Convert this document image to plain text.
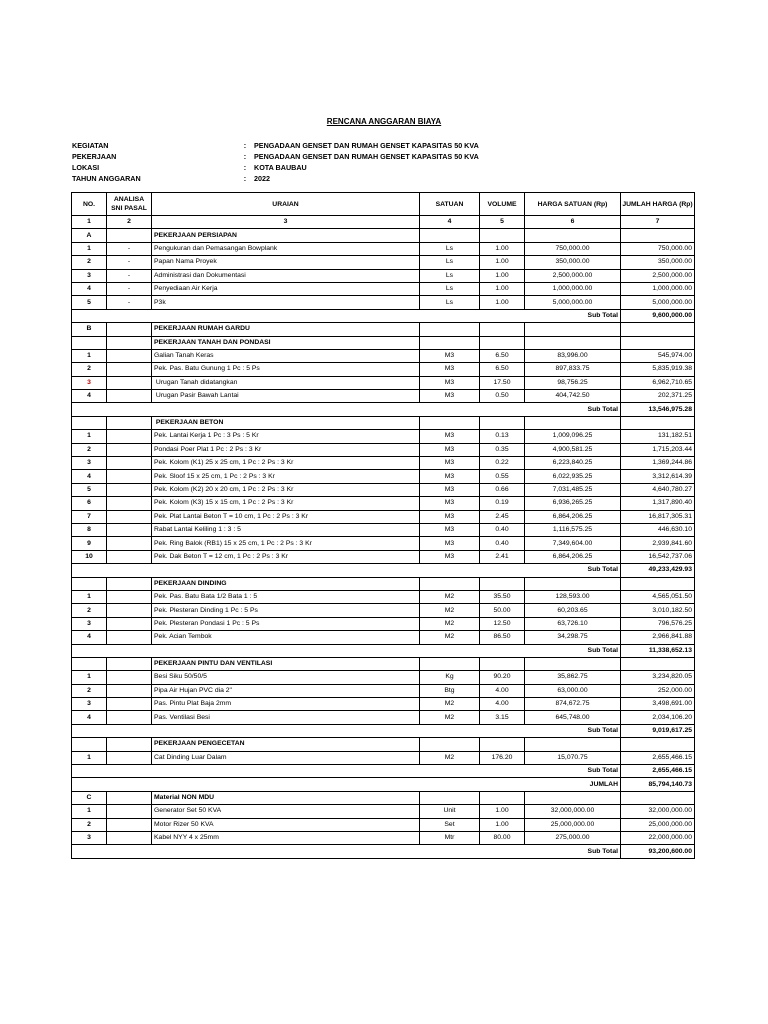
RENCANA ANGGARAN BIAYA
KEGIATAN	:	PENGADAAN GENSET DAN RUMAH GENSET KAPASITAS 50 KVA
PEKERJAAN	:	PENGADAAN GENSET DAN RUMAH GENSET KAPASITAS 50 KVA
LOKASI	:	KOTA BAUBAU
TAHUN ANGGARAN	:	2022
NO.	ANALISA SNI PASAL	URAIAN	SATUAN	VOLUME	HARGA SATUAN (Rp)	JUMLAH HARGA (Rp)
1	2	3	4	5	6	7
A		PEKERJAAN PERSIAPAN				
1	-	Pengukuran dan Pemasangan Bowplank	Ls	1.00	750,000.00	750,000.00
2	-	Papan Nama Proyek	Ls	1.00	350,000.00	350,000.00
3	-	Administrasi dan Dokumentasi	Ls	1.00	2,500,000.00	2,500,000.00
4	-	Penyediaan Air Kerja	Ls	1.00	1,000,000.00	1,000,000.00
5	-	P3k	Ls	1.00	5,000,000.00	5,000,000.00
					Sub Total	9,600,000.00
B		PEKERJAAN RUMAH GARDU				
		PEKERJAAN TANAH DAN PONDASI				
1		Galian Tanah Keras	M3	6.50	83,996.00	545,974.00
2		Pek. Pas. Batu Gunung 1 Pc : 5 Ps	M3	6.50	897,833.75	5,835,919.38
3		Urugan Tanah didatangkan	M3	17.50	98,756.25	6,962,710.65
4		Urugan Pasir Bawah Lantai	M3	0.50	404,742.50	202,371.25
					Sub Total	13,546,975.28
		PEKERJAAN BETON				
1		Pek. Lantai Kerja 1 Pc : 3 Ps : 5 Kr	M3	0.13	1,009,096.25	131,182.51
2		Pondasi Poer Plat 1 Pc : 2 Ps : 3 Kr	M3	0.35	4,900,581.25	1,715,203.44
3		Pek. Kolom (K1) 25 x 25 cm, 1 Pc : 2 Ps : 3 Kr	M3	0.22	6,223,840.25	1,369,244.86
4		Pek. Sloof 15 x 25 cm, 1 Pc : 2 Ps : 3 Kr	M3	0.55	6,022,935.25	3,312,614.39
5		Pek. Kolom (K2) 20 x 20 cm, 1 Pc : 2 Ps : 3 Kr	M3	0.66	7,031,485.25	4,640,780.27
6		Pek. Kolom (K3) 15 x 15 cm, 1 Pc : 2 Ps : 3 Kr	M3	0.19	6,936,265.25	1,317,890.40
7		Pek. Plat Lantai Beton T = 10 cm, 1 Pc : 2 Ps : 3 Kr	M3	2.45	6,864,206.25	16,817,305.31
8		Rabat Lantai Keliling 1 : 3 : 5	M3	0.40	1,116,575.25	446,630.10
9		Pek. Ring Balok (RB1) 15 x 25 cm, 1 Pc : 2 Ps : 3 Kr	M3	0.40	7,349,604.00	2,939,841.60
10		Pek. Dak Beton T = 12 cm, 1 Pc : 2 Ps : 3 Kr	M3	2.41	6,864,206.25	16,542,737.06
					Sub Total	49,233,429.93
		PEKERJAAN DINDING				
1		Pek. Pas. Batu Bata 1/2 Bata 1 : 5	M2	35.50	128,593.00	4,565,051.50
2		Pek. Plesteran Dinding 1 Pc : 5 Ps	M2	50.00	60,203.65	3,010,182.50
3		Pek. Plesteran Pondasi 1 Pc : 5 Ps	M2	12.50	63,726.10	796,576.25
4		Pek. Acian Tembok	M2	86.50	34,298.75	2,966,841.88
					Sub Total	11,338,652.13
		PEKERJAAN PINTU DAN VENTILASI				
1		Besi Siku 50/50/5	Kg	90.20	35,862.75	3,234,820.05
2		Pipa Air Hujan PVC dia 2"	Btg	4.00	63,000.00	252,000.00
3		Pas. Pintu Plat Baja 2mm	M2	4.00	874,672.75	3,498,691.00
4		Pas. Ventilasi Besi	M2	3.15	645,748.00	2,034,106.20
					Sub Total	9,019,617.25
		PEKERJAAN PENGECETAN				
1		Cat Dinding Luar Dalam	M2	176.20	15,070.75	2,655,466.15
					Sub Total	2,655,466.15
					JUMLAH	85,794,140.73
C		Material NON MDU				
1		Generator Set 50 KVA	Unit	1.00	32,000,000.00	32,000,000.00
2		Motor Rizer 50 KVA	Set	1.00	25,000,000.00	25,000,000.00
3		Kabel NYY 4 x 25mm	Mtr	80.00	275,000.00	22,000,000.00
					Sub Total	93,200,600.00
